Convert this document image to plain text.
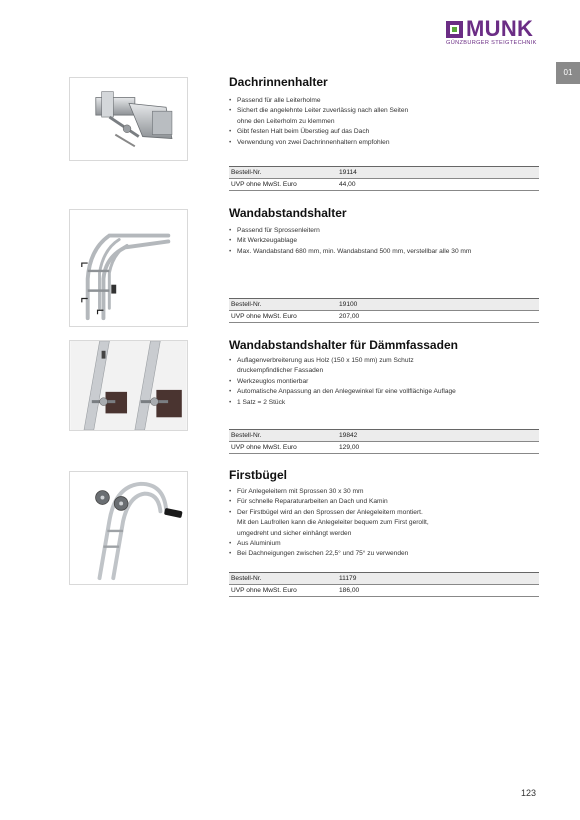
MUNK
GÜNZBURGER STEIGTECHNIK
01
Dachrinnenhalter
• Passend für alle Leiterholme
• Sichert die angelehnte Leiter zuverlässig nach allen Seiten
ohne den Leiterholm zu klemmen
• Gibt festen Halt beim Überstieg auf das Dach
• Verwendung von zwei Dachrinnenhaltern empfohlen
Bestell-Nr.	19114
UVP ohne MwSt. Euro	44,00
Wandabstandshalter
• Passend für Sprossenleitern
• Mit Werkzeugablage
• Max. Wandabstand 680 mm, min. Wandabstand 500 mm, verstellbar alle 30 mm
Bestell-Nr.	19100
UVP ohne MwSt. Euro	207,00
Wandabstandshalter für Dämmfassaden
• Auflagenverbreiterung aus Holz (150 x 150 mm) zum Schutz
druckempfindlicher Fassaden
• Werkzeuglos montierbar
• Automatische Anpassung an den Anlegewinkel für eine vollflächige Auflage
• 1 Satz = 2 Stück
Bestell-Nr.	19842
UVP ohne MwSt. Euro	129,00
Firstbügel
• Für Anlegeleitern mit Sprossen 30 x 30 mm
• Für schnelle Reparaturarbeiten an Dach und Kamin
• Der Firstbügel wird an den Sprossen der Anlegeleitern montiert.
Mit den Laufrollen kann die Anlegeleiter bequem zum First gerollt,
umgedreht und sicher einhängt werden
• Aus Aluminium
• Bei Dachneigungen zwischen 22,5° und 75° zu verwenden
Bestell-Nr.	11179
UVP ohne MwSt. Euro	186,00
123
